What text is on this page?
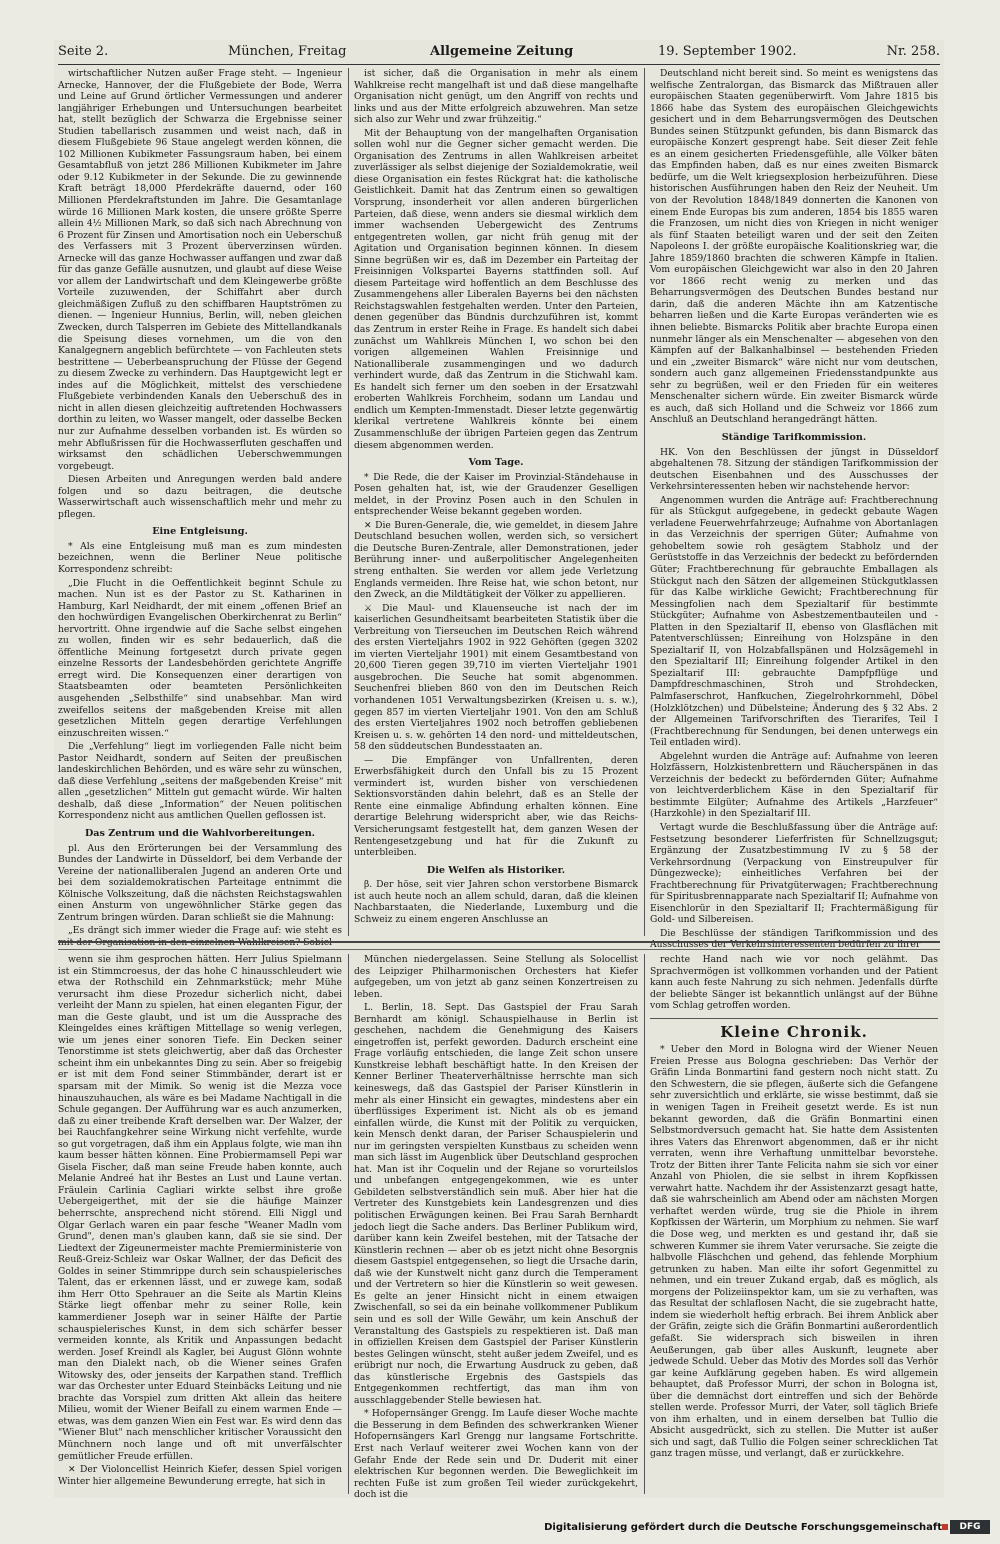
Seite 2.	München, Freitag	Allgemeine Zeitung	19. September 1902.	Nr. 258.

wirtschaftlicher Nutzen außer Frage steht. — Ingenieur Arnecke, Hannover, der die Flußgebiete der Bode, Werra und Leine auf Grund örtlicher Vermessungen und anderer langjähriger Erhebungen und Untersuchungen bearbeitet hat, stellt bezüglich der Schwarza die Ergebnisse seiner Studien tabellarisch zusammen und weist nach, daß in diesem Flußgebiete 96 Staue angelegt werden können, die 102 Millionen Kubikmeter Fassungsraum haben, bei einem Gesamtabfluß von jetzt 286 Millionen Kubikmeter im Jahre oder 9.12 Kubikmeter in der Sekunde. Die zu gewinnende Kraft beträgt 18,000 Pferdekräfte dauernd, oder 160 Millionen Pferdekraftstunden im Jahre. Die Gesamtanlage würde 16 Millionen Mark kosten, die unsere größte Sperre allein 4½ Millionen Mark, so daß sich nach Abrechnung von 6 Prozent für Zinsen und Amortisation noch ein Ueberschuß des Verfassers mit 3 Prozent überverzinsen würden. Arnecke will das ganze Hochwasser auffangen und zwar daß für das ganze Gefälle ausnutzen, und glaubt auf diese Weise vor allem der Landwirtschaft und dem Kleingewerbe größte Vorteile zuzuwenden, der Schiffahrt aber durch gleichmäßigen Zufluß zu den schiffbaren Hauptströmen zu dienen. — Ingenieur Hunnius, Berlin, will, neben gleichen Zwecken, durch Talsperren im Gebiete des Mittellandkanals die Speisung dieses vornehmen, um die von den Kanalgegnern angeblich befürchtete — von Fachleuten stets bestrittene — Ueberbeanspruchung der Flüsse der Gegend zu diesem Zwecke zu verhindern. Das Hauptgewicht legt er indes auf die Möglichkeit, mittelst des verschiedene Flußgebiete verbindenden Kanals den Ueberschuß des in nicht in allen diesen gleichzeitig auftretenden Hochwassers dorthin zu leiten, wo Wasser mangelt, oder dasselbe Becken nur zur Aufnahme desselben vorbanden ist. Es würden so mehr Abflußrissen für die Hochwasserfluten geschaffen und wirksamst den schädlichen Ueberschwemmungen vorgebeugt.

Diesen Arbeiten und Anregungen werden bald andere folgen und so dazu beitragen, die deutsche Wasserwirtschaft auch wissenschaftlich mehr und mehr zu pflegen.

Eine Entgleisung.

* Als eine Entgleisung muß man es zum mindesten bezeichnen, wenn die Berliner Neue politische Korrespondenz schreibt:

„Die Flucht in die Oeffentlichkeit beginnt Schule zu machen. Nun ist es der Pastor zu St. Katharinen in Hamburg, Karl Neidhardt, der mit einem „offenen Brief an den hochwürdigen Evangelischen Oberkirchenrat zu Berlin“ hervortritt. Ohne irgendwie auf die Sache selbst eingehen zu wollen, finden wir es sehr bedauerlich, daß die öffentliche Meinung fortgesetzt durch private gegen einzelne Ressorts der Landesbehörden gerichtete Angriffe erregt wird. Die Konsequenzen einer derartigen von Staatsbeamten oder beamteten Persönlichkeiten ausgehenden „Selbsthilfe“ sind unabsehbar. Man wird zweifellos seitens der maßgebenden Kreise mit allen gesetzlichen Mitteln gegen derartige Verfehlungen einzuschreiten wissen.“

Die „Verfehlung“ liegt im vorliegenden Falle nicht beim Pastor Neidhardt, sondern auf Seiten der preußischen landeskirchlichen Behörden, und es wäre sehr zu wünschen, daß diese Verfehlung „seitens der maßgebenden Kreise“ mit allen „gesetzlichen“ Mitteln gut gemacht würde. Wir halten deshalb, daß diese „Information“ der Neuen politischen Korrespondenz nicht aus amtlichen Quellen geflossen ist.

Das Zentrum und die Wahlvorbereitungen.

pl. Aus den Erörterungen bei der Versammlung des Bundes der Landwirte in Düsseldorf, bei dem Verbande der Vereine der nationalliberalen Jugend an anderen Orte und bei dem sozialdemokratischen Parteitage entnimmt die Kölnische Volkszeitung, daß die nächsten Reichstagswahlen einen Ansturm von ungewöhnlicher Stärke gegen das Zentrum bringen würden. Daran schließt sie die Mahnung:

„Es drängt sich immer wieder die Frage auf: wie steht es mit der Organisation in den einzelnen Wahlkreisen? Sobiel

ist sicher, daß die Organisation in mehr als einem Wahlkreise recht mangelhaft ist und daß diese mangelhafte Organisation nicht genügt, um den Angriff von rechts und links und aus der Mitte erfolgreich abzuwehren. Man setze sich also zur Wehr und zwar frühzeitig.“

Mit der Behauptung von der mangelhaften Organisation sollen wohl nur die Gegner sicher gemacht werden. Die Organisation des Zentrums in allen Wahlkreisen arbeitet zuverlässiger als selbst diejenige der Sozialdemokratie, weil diese Organisation ein festes Rückgrat hat: die katholische Geistlichkeit. Damit hat das Zentrum einen so gewaltigen Vorsprung, insonderheit vor allen anderen bürgerlichen Parteien, daß diese, wenn anders sie diesmal wirklich dem immer wachsenden Uebergewicht des Zentrums entgegentreten wollen, gar nicht früh genug mit der Agitation und Organisation beginnen können. In diesem Sinne begrüßen wir es, daß im Dezember ein Parteitag der Freisinnigen Volkspartei Bayerns stattfinden soll. Auf diesem Parteitage wird hoffentlich an dem Beschlusse des Zusammengehens aller Liberalen Bayerns bei den nächsten Reichstagswahlen festgehalten werden. Unter den Parteien, denen gegenüber das Bündnis durchzuführen ist, kommt das Zentrum in erster Reihe in Frage. Es handelt sich dabei zunächst um Wahlkreis München I, wo schon bei den vorigen allgemeinen Wahlen Freisinnige und Nationalliberale zusammengingen und wo dadurch verhindert wurde, daß das Zentrum in die Stichwahl kam. Es handelt sich ferner um den soeben in der Ersatzwahl eroberten Wahlkreis Forchheim, sodann um Landau und endlich um Kempten-Immenstadt. Dieser letzte gegenwärtig klerikal vertretene Wahlkreis könnte bei einem Zusammenschluße der übrigen Parteien gegen das Zentrum diesem abgenommen werden.

Vom Tage.

* Die Rede, die der Kaiser im Provinzial-Ständehause in Posen gehalten hat, ist, wie der Graudenzer Geselligen meldet, in der Provinz Posen auch in den Schulen in entsprechender Weise bekannt gegeben worden.

✕ Die Buren-Generale, die, wie gemeldet, in diesem Jahre Deutschland besuchen wollen, werden sich, so versichert die Deutsche Buren-Zentrale, aller Demonstrationen, jeder Berührung inner- und außerpolitischer Angelegenheiten streng enthalten. Sie werden vor allem jede Verletzung Englands vermeiden. Ihre Reise hat, wie schon betont, nur den Zweck, an die Mildtätigkeit der Völker zu appellieren.

⚔ Die Maul- und Klauenseuche ist nach der im kaiserlichen Gesundheitsamt bearbeiteten Statistik über die Verbreitung von Tierseuchen im Deutschen Reich während des ersten Vierteljahrs 1902 in 922 Gehöften (gegen 3202 im vierten Vierteljahr 1901) mit einem Gesamtbestand von 20,600 Tieren gegen 39,710 im vierten Vierteljahr 1901 ausgebrochen. Die Seuche hat somit abgenommen. Seuchenfrei blieben 860 von den im Deutschen Reich vorhandenen 1051 Verwaltungsbezirken (Kreisen u. s. w.), gegen 857 im vierten Vierteljahr 1901. Von den am Schluß des ersten Vierteljahres 1902 noch betroffen gebliebenen Kreisen u. s. w. gehörten 14 den nord- und mitteldeutschen, 58 den süddeutschen Bundesstaaten an.

— Die Empfänger von Unfallrenten, deren Erwerbsfähigkeit durch den Unfall bis zu 15 Prozent vermindert ist, wurden bisher von verschiedenen Sektionsvorständen dahin belehrt, daß es an Stelle der Rente eine einmalige Abfindung erhalten können. Eine derartige Belehrung widerspricht aber, wie das Reichs-Versicherungsamt festgestellt hat, dem ganzen Wesen der Rentengesetzgebung und hat für die Zukunft zu unterbleiben.

Die Welfen als Historiker.

β. Der höse, seit vier Jahren schon verstorbene Bismarck ist auch heute noch an allem schuld, daran, daß die kleinen Nachbarstaaten, die Niederlande, Luxemburg und die Schweiz zu einem engeren Anschlusse an

Deutschland nicht bereit sind. So meint es wenigstens das welfische Zentralorgan, das Bismarck das Mißtrauen aller europäischen Staaten gegenüberwirft. Vom Jahre 1815 bis 1866 habe das System des europäischen Gleichgewichts gesichert und in dem Beharrungsvermögen des Deutschen Bundes seinen Stützpunkt gefunden, bis dann Bismarck das europäische Konzert gesprengt habe. Seit dieser Zeit fehle es an einem gesicherten Friedensgefühle, alle Völker bäten das Empfinden haben, daß es nur eines zweiten Bismarck bedürfe, um die Welt kriegsexplosion herbeizuführen. Diese historischen Ausführungen haben den Reiz der Neuheit. Um von der Revolution 1848/1849 donnerten die Kanonen von einem Ende Europas bis zum anderen, 1854 bis 1855 waren die Franzosen, um nicht dies von Kriegen in nicht weniger als fünf Staaten beteiligt waren und der seit den Zeiten Napoleons I. der größte europäische Koalitionskrieg war, die Jahre 1859/1860 brachten die schweren Kämpfe in Italien. Vom europäischen Gleichgewicht war also in den 20 Jahren vor 1866 recht wenig zu merken und das Beharrungsvermögen des Deutschen Bundes bestand nur darin, daß die anderen Mächte ihn am Katzentische beharren ließen und die Karte Europas veränderten wie es ihnen beliebte. Bismarcks Politik aber brachte Europa einen nunmehr länger als ein Menschenalter — abgesehen von den Kämpfen auf der Balkanhalbinsel — bestehenden Frieden und ein „zweiter Bismarck“ wäre nicht nur vom deutschen, sondern auch ganz allgemeinen Friedensstandpunkte aus sehr zu begrüßen, weil er den Frieden für ein weiteres Menschenalter sichern würde. Ein zweiter Bismarck würde es auch, daß sich Holland und die Schweiz vor 1866 zum Anschluß an Deutschland herangedrängt hätten.

Ständige Tarifkommission.

HK. Von den Beschlüssen der jüngst in Düsseldorf abgehaltenen 78. Sitzung der ständigen Tarifkommission der deutschen Eisenbahnen und des Ausschusses der Verkehrsinteressenten heben wir nachstehende hervor:

Angenommen wurden die Anträge auf: Frachtberechnung für als Stückgut aufgegebene, in gedeckt gebaute Wagen verladene Feuerwehrfahrzeuge; Aufnahme von Abortanlagen in das Verzeichnis der sperrigen Güter; Aufnahme von gehobeltem sowie roh gesägtem Stabholz und der Gerüststoffe in das Verzeichnis der bedeckt zu befördernden Güter; Frachtberechnung für gebrauchte Emballagen als Stückgut nach den Sätzen der allgemeinen Stückgutklassen für das Kalbe wirkliche Gewicht; Frachtberechnung für Messingfolien nach dem Spezialtarif für bestimmte Stückgüter; Aufnahme von Asbestzementbauteilen und -Platten in den Spezialtarif II, ebenso von Glasflächen mit Patentverschlüssen; Einreihung von Holzspäne in den Spezialtarif II, von Holzabfallspänen und Holzsägemehl in den Spezialtarif III; Einreihung folgender Artikel in den Spezialtarif III: gebrauchte Dampfpflüge und Dampfdreschmaschinen, Stroh und Strohdecken, Palmfaserschrot, Hanfkuchen, Ziegelrohrkornmehl, Döbel (Holzklötzchen) und Dübelsteine; Änderung des § 32 Abs. 2 der Allgemeinen Tarifvorschriften des Tierarifes, Teil I (Frachtberechnung für Sendungen, bei denen unterwegs ein Teil entladen wird).

Abgelehnt wurden die Anträge auf: Aufnahme von leeren Holzfässern, Holzkistenbrettern und Räucherspänen in das Verzeichnis der bedeckt zu befördernden Güter; Aufnahme von leichtverderblichem Käse in den Spezialtarif für bestimmte Eilgüter; Aufnahme des Artikels „Harzfeuer“ (Harzkohle) in den Spezialtarif III.

Vertagt wurde die Beschlußfassung über die Anträge auf: Festsetzung besonderer Lieferfristen für Schnellzugsgut; Ergänzung der Zusatzbestimmung IV zu § 58 der Verkehrsordnung (Verpackung von Einstreupulver für Düngezwecke); einheitliches Verfahren bei der Frachtberechnung für Privatgüterwagen; Frachtberechnung für Spiritusbrennapparate nach Spezialtarif II; Aufnahme von Eisenchlorür in den Spezialtarif II; Frachtermäßigung für Gold- und Silbereisen.

Die Beschlüsse der ständigen Tarifkommission und des Ausschusses der Verkehrsinteressenten bedürfen zu ihrer

wenn sie ihm gesprochen hätten. Herr Julius Spielmann ist ein Stimmcroesus, der das hohe C hinausschleudert wie etwa der Rothschild ein Zehnmarkstück; mehr Mühe verursacht ihm diese Prozedur sicherlich nicht, dabei verleiht der Mann zu spielen, hat einen eleganten Figur, der man die Geste glaubt, und ist um die Aussprache des Kleingeldes eines kräftigen Mittellage so wenig verlegen, wie um jenes einer sonoren Tiefe. Ein Decken seiner Tenorstimme ist stets gleichwertig, aber daß das Orchester scheint ihm ein unbekanntes Ding zu sein. Aber so freigebig er ist mit dem Fond seiner Stimmbänder, derart ist er sparsam mit der Mimik. So wenig ist die Mezza voce hinauszuhauchen, als wäre es bei Madame Nachtigall in die Schule gegangen. Der Aufführung war es auch anzumerken, daß zu einer treibende Kraft derselben war. Der Walzer, der bei Rauchfangkehrer seine Wirkung nicht verfehlte, wurde so gut vorgetragen, daß ihm ein Applaus folgte, wie man ihn kaum besser hätten können. Eine Probiermamsell Pepi war Gisela Fischer, daß man seine Freude haben konnte, auch Melanie Andreé hat ihr Bestes an Lust und Laune vertan. Fräulein Carlinia Cagliari wirkte selbst ihre große Uebergeigerthet, mit der sie die häufige Mainzer beherrschte, ansprechend nicht störend. Elli Niggl und Olgar Gerlach waren ein paar fesche "Weaner Madln vom Grund", denen man's glauben kann, daß sie sie sind. Der Liedtext der Zigeunermeister machte Premierministerie von Reuß-Greiz-Schleiz war Oskar Wallner, der das Deficit des Goldes in seiner Stimmrippe durch sein schauspielerisches Talent, das er erkennen lässt, und er zuwege kam, sodaß ihm Herr Otto Spehrauer an die Seite als Martin Kleins Stärke liegt offenbar mehr zu seiner Rolle, kein kammerdiener Joseph war in seiner Hälfte der Partie schauspielerisches Kunst, in dem sich schärfer besser vermeiden konnte, als Kritik und Anpassungen bedacht werden. Josef Kreindl als Kagler, bei August Glönn wohnte man den Dialekt nach, ob die Wiener seines Grafen Witowsky des, oder jenseits der Karpathen stand. Trefflich war das Orchester unter Eduard Steinbäcks Leitung und nie brachte das Vorspiel zum dritten Akt allein das heitere Milieu, womit der Wiener Beifall zu einem warmen Ende — etwas, was dem ganzen Wien ein Fest war. Es wird denn das "Wiener Blut" nach menschlicher kritischer Voraussicht den Münchnern noch lange und oft mit unverfälschter gemütlicher Freude erfüllen.

✕ Der Violoncellist Heinrich Kiefer, dessen Spiel vorigen Winter hier allgemeine Bewunderung erregte, hat sich in

München niedergelassen. Seine Stellung als Solocellist des Leipziger Philharmonischen Orchesters hat Kiefer aufgegeben, um von jetzt ab ganz seinen Konzertreisen zu leben.

L. Berlin, 18. Sept. Das Gastspiel der Frau Sarah Bernhardt am königl. Schauspielhause in Berlin ist geschehen, nachdem die Genehmigung des Kaisers eingetroffen ist, perfekt geworden. Dadurch erscheint eine Frage vorläufig entschieden, die lange Zeit schon unsere Kunstkreise lebhaft beschäftigt hatte. In den Kreisen der Kenner Berliner Theaterverhältnisse herrschte man sich keineswegs, daß das Gastspiel der Pariser Künstlerin in mehr als einer Hinsicht ein gewagtes, mindestens aber ein überflüssiges Experiment ist. Nicht als ob es jemand einfallen würde, die Kunst mit der Politik zu verquicken, kein Mensch denkt daran, der Pariser Schauspielerin und nur im geringsten verspielten Kunstbaus zu scheiden wenn man sich lässt im Augenblick über Deutschland gesprochen hat. Man ist ihr Coquelin und der Rejane so vorurteilslos und unbefangen entgegengekommen, wie es unter Gebildeten selbstverständlich sein muß. Aber hier hat die Vertreter des Kunstgebiets kein Landesgrenzen und dies politischen Erwägungen keinen. Bei Frau Sarah Bernhardt jedoch liegt die Sache anders. Das Berliner Publikum wird, darüber kann kein Zweifel bestehen, mit der Tatsache der Künstlerin rechnen — aber ob es jetzt nicht ohne Besorgnis diesem Gastspiel entgegensehen, so liegt die Ursache darin, daß wie der Kunstwelt nicht ganz durch die Temperament und der Vertretern so hier die Künstlerin so weit gewesen. Es gelte an jener Hinsicht nicht in einem etwaigen Zwischenfall, so sei da ein beinahe vollkommener Publikum sein und es soll der Wille Gewähr, um kein Anschuß der Veranstaltung des Gastspiels zu respektieren ist. Daß man in offiziellen Kreisen dem Gastspiel der Pariser Künstlerin bestes Gelingen wünscht, steht außer jedem Zweifel, und es erübrigt nur noch, die Erwartung Ausdruck zu geben, daß das künstlerische Ergebnis des Gastspiels das Entgegenkommen rechtfertigt, das man ihm von ausschlaggebender Stelle bewiesen hat.

* Hofopernsänger Grengg. Im Laufe dieser Woche machte die Besserung in dem Befinden des schwerkranken Wiener Hofopernsängers Karl Grengg nur langsame Fortschritte. Erst nach Verlauf weiterer zwei Wochen kann von der Gefahr Ende der Rede sein und Dr. Duderit mit einer elektrischen Kur begonnen werden. Die Beweglichkeit im rechten Fuße ist zum großen Teil wieder zurückgekehrt, doch ist die

rechte Hand nach wie vor noch gelähmt. Das Sprachvermögen ist vollkommen vorhanden und der Patient kann auch feste Nahrung zu sich nehmen. Jedenfalls dürfte der beliebte Sänger ist bekanntlich unlängst auf der Bühne vom Schlag getroffen worden.

Kleine Chronik.

* Ueber den Mord in Bologna wird der Wiener Neuen Freien Presse aus Bologna geschrieben: Das Verhör der Gräfin Linda Bonmartini fand gestern noch nicht statt. Zu den Schwestern, die sie pflegen, äußerte sich die Gefangene sehr zuversichtlich und erklärte, sie wisse bestimmt, daß sie in wenigen Tagen in Freiheit gesetzt werde. Es ist nun bekannt geworden, daß die Gräfin Bonmartini einen Selbstmordversuch gemacht hat. Sie hatte dem Assistenten ihres Vaters das Ehrenwort abgenommen, daß er ihr nicht verraten, wenn ihre Verhaftung unmittelbar bevorstehe. Trotz der Bitten ihrer Tante Felicita nahm sie sich vor einer Anzahl von Phiolen, die sie selbst in ihrem Kopfkissen verwahrt hatte. Nachdem ihr der Assistenzarzt gesagt hatte, daß sie wahrscheinlich am Abend oder am nächsten Morgen verhaftet werden würde, trug sie die Phiole in ihrem Kopfkissen der Wärterin, um Morphium zu nehmen. Sie warf die Dose weg, und merkten es und gestand ihr, daß sie schweren Kummer sie ihrem Vater verursache. Sie zeigte die halbvolle Fläschchen und gehend, das fehlende Morphium getrunken zu haben. Man eilte ihr sofort Gegenmittel zu nehmen, und ein treuer Zukand ergab, daß es möglich, als morgens der Polizeiinspektor kam, um sie zu verhaften, was das Resultat der schlaflosen Nacht, die sie zugebracht hatte, indem sie wiederholt heftig erbrach. Bei ihrem Anblick aber der Gräfin, zeigte sich die Gräfin Bonmartini außerordentlich gefaßt. Sie widersprach sich bisweilen in ihren Aeußerungen, gab über alles Auskunft, leugnete aber jedwede Schuld. Ueber das Motiv des Mordes soll das Verhör gar keine Aufklärung gegeben haben. Es wird allgemein behauptet, daß Professor Murri, der schon in Bologna ist, über die demnächst dort eintreffen und sich der Behörde stellen werde. Professor Murri, der Vater, soll täglich Briefe von ihm erhalten, und in einem derselben bat Tullio die Absicht ausgedrückt, sich zu stellen. Die Mutter ist außer sich und sagt, daß Tullio die Folgen seiner schrecklichen Tat ganz tragen müsse, und verlangt, daß er zurückkehre.

Digitalisierung gefördert durch die Deutsche Forschungsgemeinschaft	DFG
